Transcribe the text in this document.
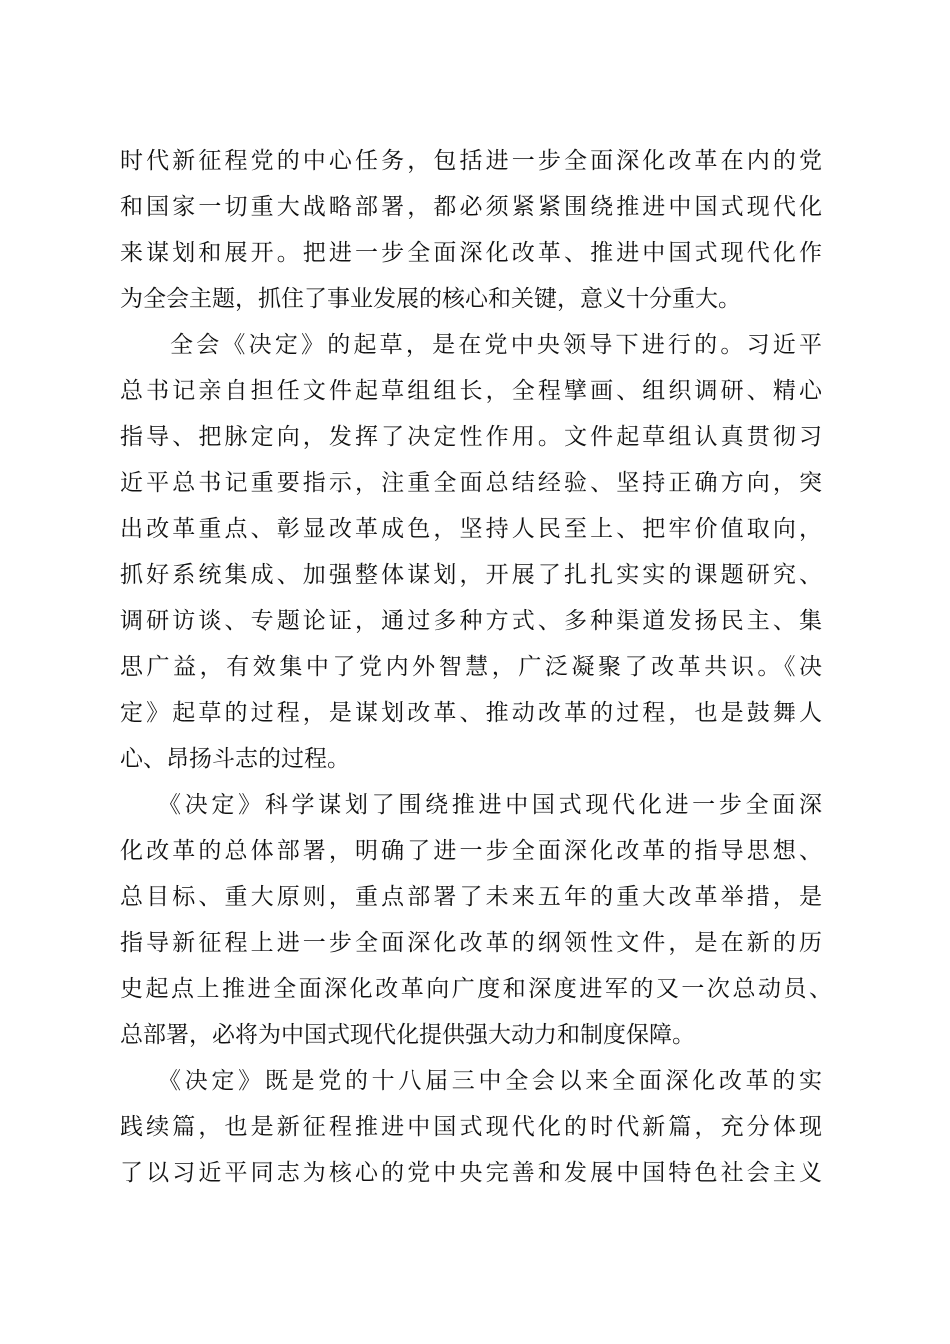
时代新征程党的中心任务，包括进一步全面深化改革在内的党
和国家一切重大战略部署，都必须紧紧围绕推进中国式现代化
来谋划和展开。把进一步全面深化改革、推进中国式现代化作
为全会主题，抓住了事业发展的核心和关键，意义十分重大。
全会《决定》的起草，是在党中央领导下进行的。习近平
总书记亲自担任文件起草组组长，全程擘画、组织调研、精心
指导、把脉定向，发挥了决定性作用。文件起草组认真贯彻习
近平总书记重要指示，注重全面总结经验、坚持正确方向，突
出改革重点、彰显改革成色，坚持人民至上、把牢价值取向，
抓好系统集成、加强整体谋划，开展了扎扎实实的课题研究、
调研访谈、专题论证，通过多种方式、多种渠道发扬民主、集
思广益，有效集中了党内外智慧，广泛凝聚了改革共识。《决
定》起草的过程，是谋划改革、推动改革的过程，也是鼓舞人
心、昂扬斗志的过程。
《决定》科学谋划了围绕推进中国式现代化进一步全面深
化改革的总体部署，明确了进一步全面深化改革的指导思想、
总目标、重大原则，重点部署了未来五年的重大改革举措，是
指导新征程上进一步全面深化改革的纲领性文件，是在新的历
史起点上推进全面深化改革向广度和深度进军的又一次总动员、
总部署，必将为中国式现代化提供强大动力和制度保障。
《决定》既是党的十八届三中全会以来全面深化改革的实
践续篇，也是新征程推进中国式现代化的时代新篇，充分体现
了以习近平同志为核心的党中央完善和发展中国特色社会主义
